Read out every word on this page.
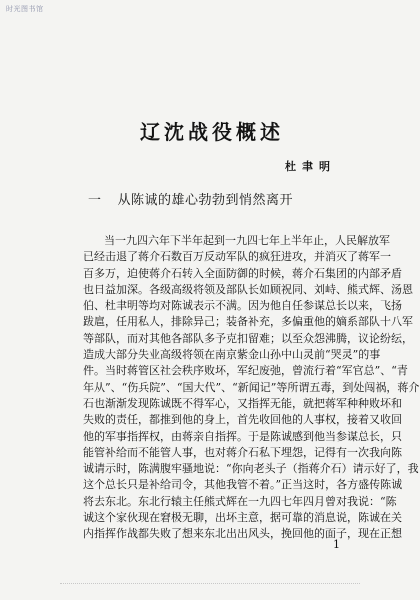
时光图书馆
辽沈战役概述
杜聿明
一 从陈诚的雄心勃勃到悄然离开
当一九四六年下半年起到一九四七年上半年止，人民解放军
已经击退了蒋介石数百万反动军队的疯狂进攻，并消灭了蒋军一
百多万，迫使蒋介石转入全面防御的时候，蒋介石集团的内部矛盾
也日益加深。各级高级将领及部队长如顾祝同、刘峙、熊式辉、汤恩
伯、杜聿明等均对陈诚表示不满。因为他自任参谋总长以来，飞扬
跋扈，任用私人，排除异己；装备补充，多偏重他的嫡系部队十八军
等部队，而对其他各部队多予克扣留难；以至众怨沸腾，议论纷纭，
造成大部分失业高级将领在南京紫金山孙中山灵前“哭灵”的事
件。当时蒋管区社会秩序败坏，军纪废弛，曾流行着“军官总”、“青
年从”、“伤兵院”、“国大代”、“新闻记”等所谓五毒，到处闯祸，蒋介
石也渐渐发现陈诚既不得军心，又指挥无能，就把蒋军种种败坏和
失败的责任，都推到他的身上，首先收回他的人事权，接着又收回
他的军事指挥权，由蒋亲自指挥。于是陈诚感到他当参谋总长，只
能管补给而不能管人事，也对蒋介石私下埋怨，记得有一次我向陈
诚请示时，陈满腹牢骚地说：“你向老头子（指蒋介石）请示好了，我
这个总长只是补给司令，其他我管不着。”正当这时，各方盛传陈诚
将去东北。东北行辕主任熊式辉在一九四七年四月曾对我说：“陈
诚这个家伙现在窘极无聊，出坏主意，据可靠的消息说，陈诚在关
内指挥作战都失败了想来东北出出风头，挽回他的面子，现在正想
1
